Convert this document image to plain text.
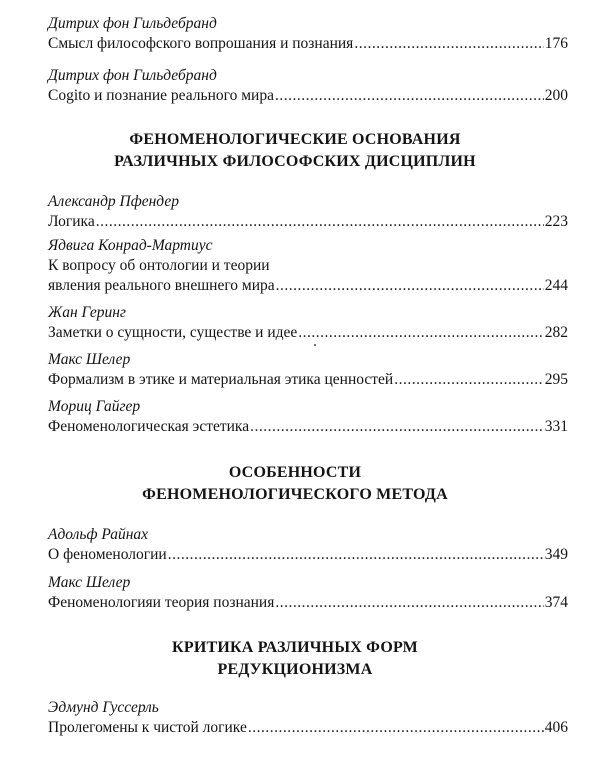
Дитрих фон Гильдебранд
Смысл философского вопрошания и познания .....	176
Дитрих фон Гильдебранд
Cogito и познание реального мира .....	200
ФЕНОМЕНОЛОГИЧЕСКИЕ ОСНОВАНИЯ
РАЗЛИЧНЫХ ФИЛОСОФСКИХ ДИСЦИПЛИН
Александр Пфендер
Логика .....	223
Ядвига Конрад-Мартиус
К вопросу об онтологии и теории
явления реального внешнего мира .....	244
Жан Геринг
Заметки о сущности, существе и идее .....	282
Макс Шелер
Формализм в этике и материальная этика ценностей .....	295
Мориц Гайгер
Феноменологическая эстетика .....	331
ОСОБЕННОСТИ
ФЕНОМЕНОЛОГИЧЕСКОГО МЕТОДА
Адольф Райнах
О феноменологии .....	349
Макс Шелер
Феноменологияи теория познания .....	374
КРИТИКА РАЗЛИЧНЫХ ФОРМ
РЕДУКЦИОНИЗМА
Эдмунд Гуссерль
Пролегомены к чистой логике .....	406
